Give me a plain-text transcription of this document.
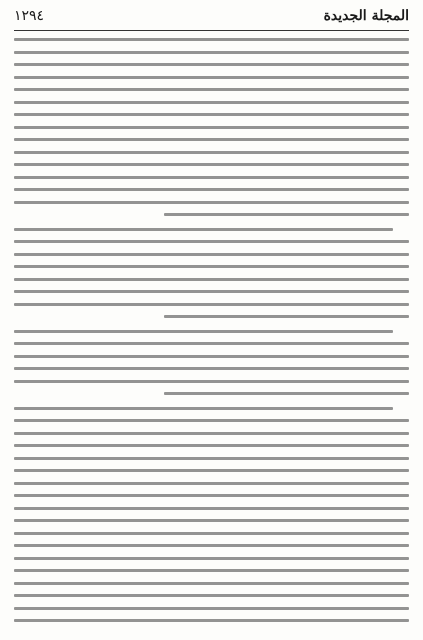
المجلة الجديدة
١٢٩٤
